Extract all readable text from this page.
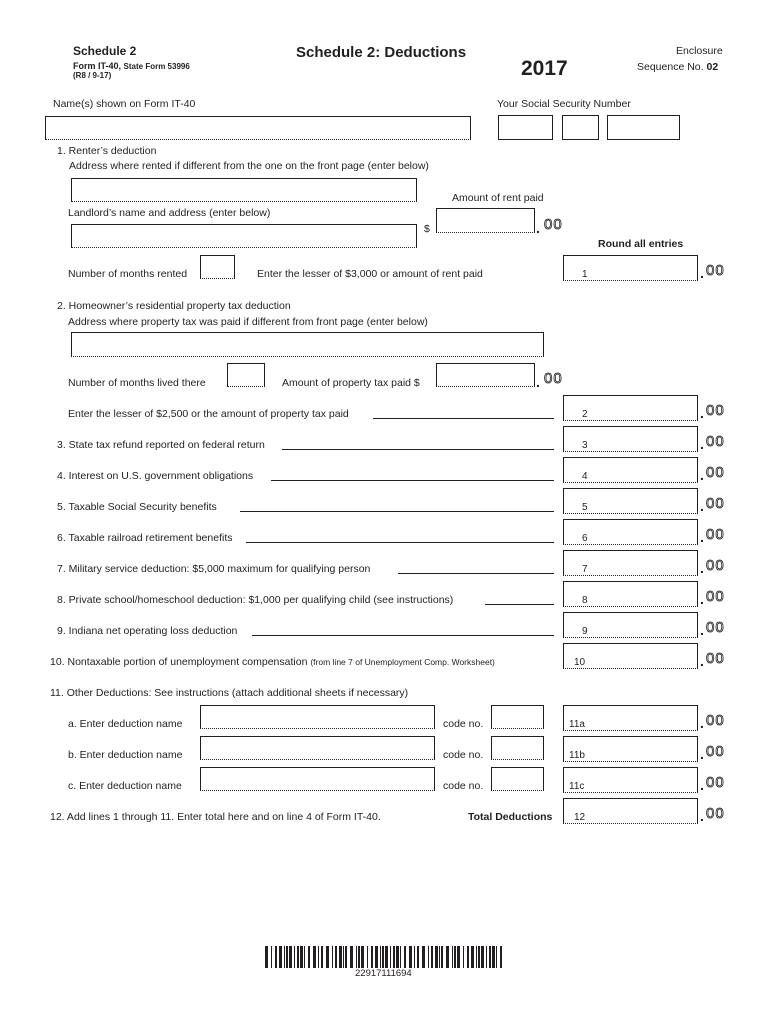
Schedule 2
Form IT-40, State Form 53996
(R8 / 9-17)
Schedule 2: Deductions
2017
Enclosure
Sequence No. 02
Name(s) shown on Form IT-40	Your Social Security Number
1. Renter’s deduction
Address where rented if different from the one on the front page (enter below)
Amount of rent paid
Landlord’s name and address (enter below)
$	. 00
Round all entries
Number of months rented	Enter the lesser of $3,000 or amount of rent paid	1	. 00
2. Homeowner’s residential property tax deduction
Address where property tax was paid if different from front page (enter below)
Number of months lived there	Amount of property tax paid $	. 00
Enter the lesser of $2,500 or the amount of property tax paid	2	. 00
3. State tax refund reported on federal return	3	. 00
4. Interest on U.S. government obligations	4	. 00
5. Taxable Social Security benefits	5	. 00
6. Taxable railroad retirement benefits	6	. 00
7. Military service deduction: $5,000 maximum for qualifying person	7	. 00
8. Private school/homeschool deduction: $1,000 per qualifying child (see instructions)	8	. 00
9. Indiana net operating loss deduction	9	. 00
10. Nontaxable portion of unemployment compensation (from line 7 of Unemployment Comp. Worksheet)	10	. 00
11. Other Deductions: See instructions (attach additional sheets if necessary)
a. Enter deduction name	code no.	11a	. 00
b. Enter deduction name	code no.	11b	. 00
c. Enter deduction name	code no.	11c	. 00
12. Add lines 1 through 11. Enter total here and on line 4 of Form IT-40.	Total Deductions 12	. 00
22917111694
